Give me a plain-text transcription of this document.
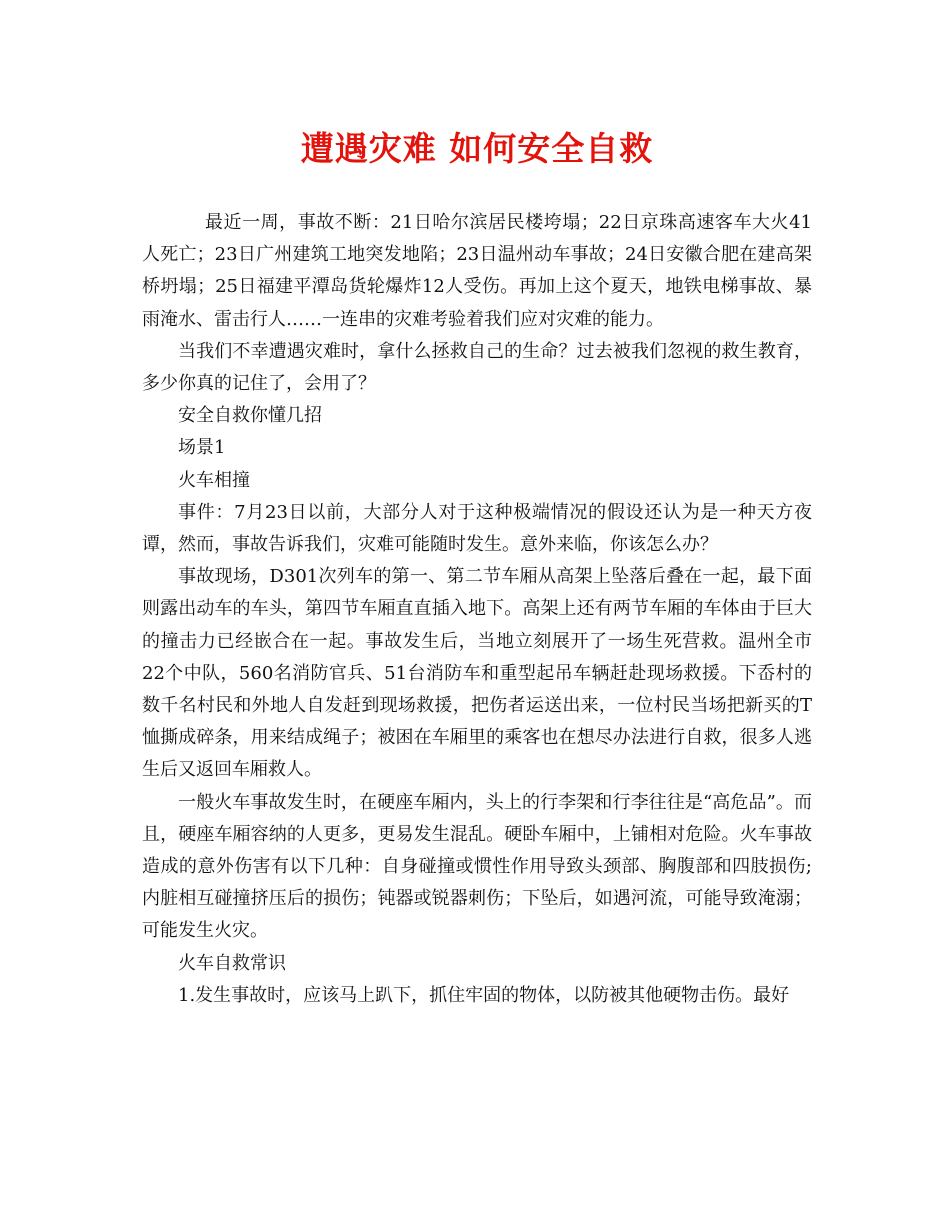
遭遇灾难 如何安全自救

最近一周，事故不断：21日哈尔滨居民楼垮塌；22日京珠高速客车大火41人死亡；23日广州建筑工地突发地陷；23日温州动车事故；24日安徽合肥在建高架桥坍塌；25日福建平潭岛货轮爆炸12人受伤。再加上这个夏天，地铁电梯事故、暴雨淹水、雷击行人……一连串的灾难考验着我们应对灾难的能力。

当我们不幸遭遇灾难时，拿什么拯救自己的生命？过去被我们忽视的救生教育，多少你真的记住了，会用了？

安全自救你懂几招

场景1

火车相撞

事件：7月23日以前，大部分人对于这种极端情况的假设还认为是一种天方夜谭，然而，事故告诉我们，灾难可能随时发生。意外来临，你该怎么办？

事故现场，D301次列车的第一、第二节车厢从高架上坠落后叠在一起，最下面则露出动车的车头，第四节车厢直直插入地下。高架上还有两节车厢的车体由于巨大的撞击力已经嵌合在一起。事故发生后，当地立刻展开了一场生死营救。温州全市22个中队，560名消防官兵、51台消防车和重型起吊车辆赶赴现场救援。下岙村的数千名村民和外地人自发赶到现场救援，把伤者运送出来，一位村民当场把新买的T恤撕成碎条，用来结成绳子；被困在车厢里的乘客也在想尽办法进行自救，很多人逃生后又返回车厢救人。

一般火车事故发生时，在硬座车厢内，头上的行李架和行李往往是“高危品”。而且，硬座车厢容纳的人更多，更易发生混乱。硬卧车厢中，上铺相对危险。火车事故造成的意外伤害有以下几种：自身碰撞或惯性作用导致头颈部、胸腹部和四肢损伤;内脏相互碰撞挤压后的损伤；钝器或锐器刺伤；下坠后，如遇河流，可能导致淹溺；可能发生火灾。

火车自救常识

1.发生事故时，应该马上趴下，抓住牢固的物体，以防被其他硬物击伤。最好
